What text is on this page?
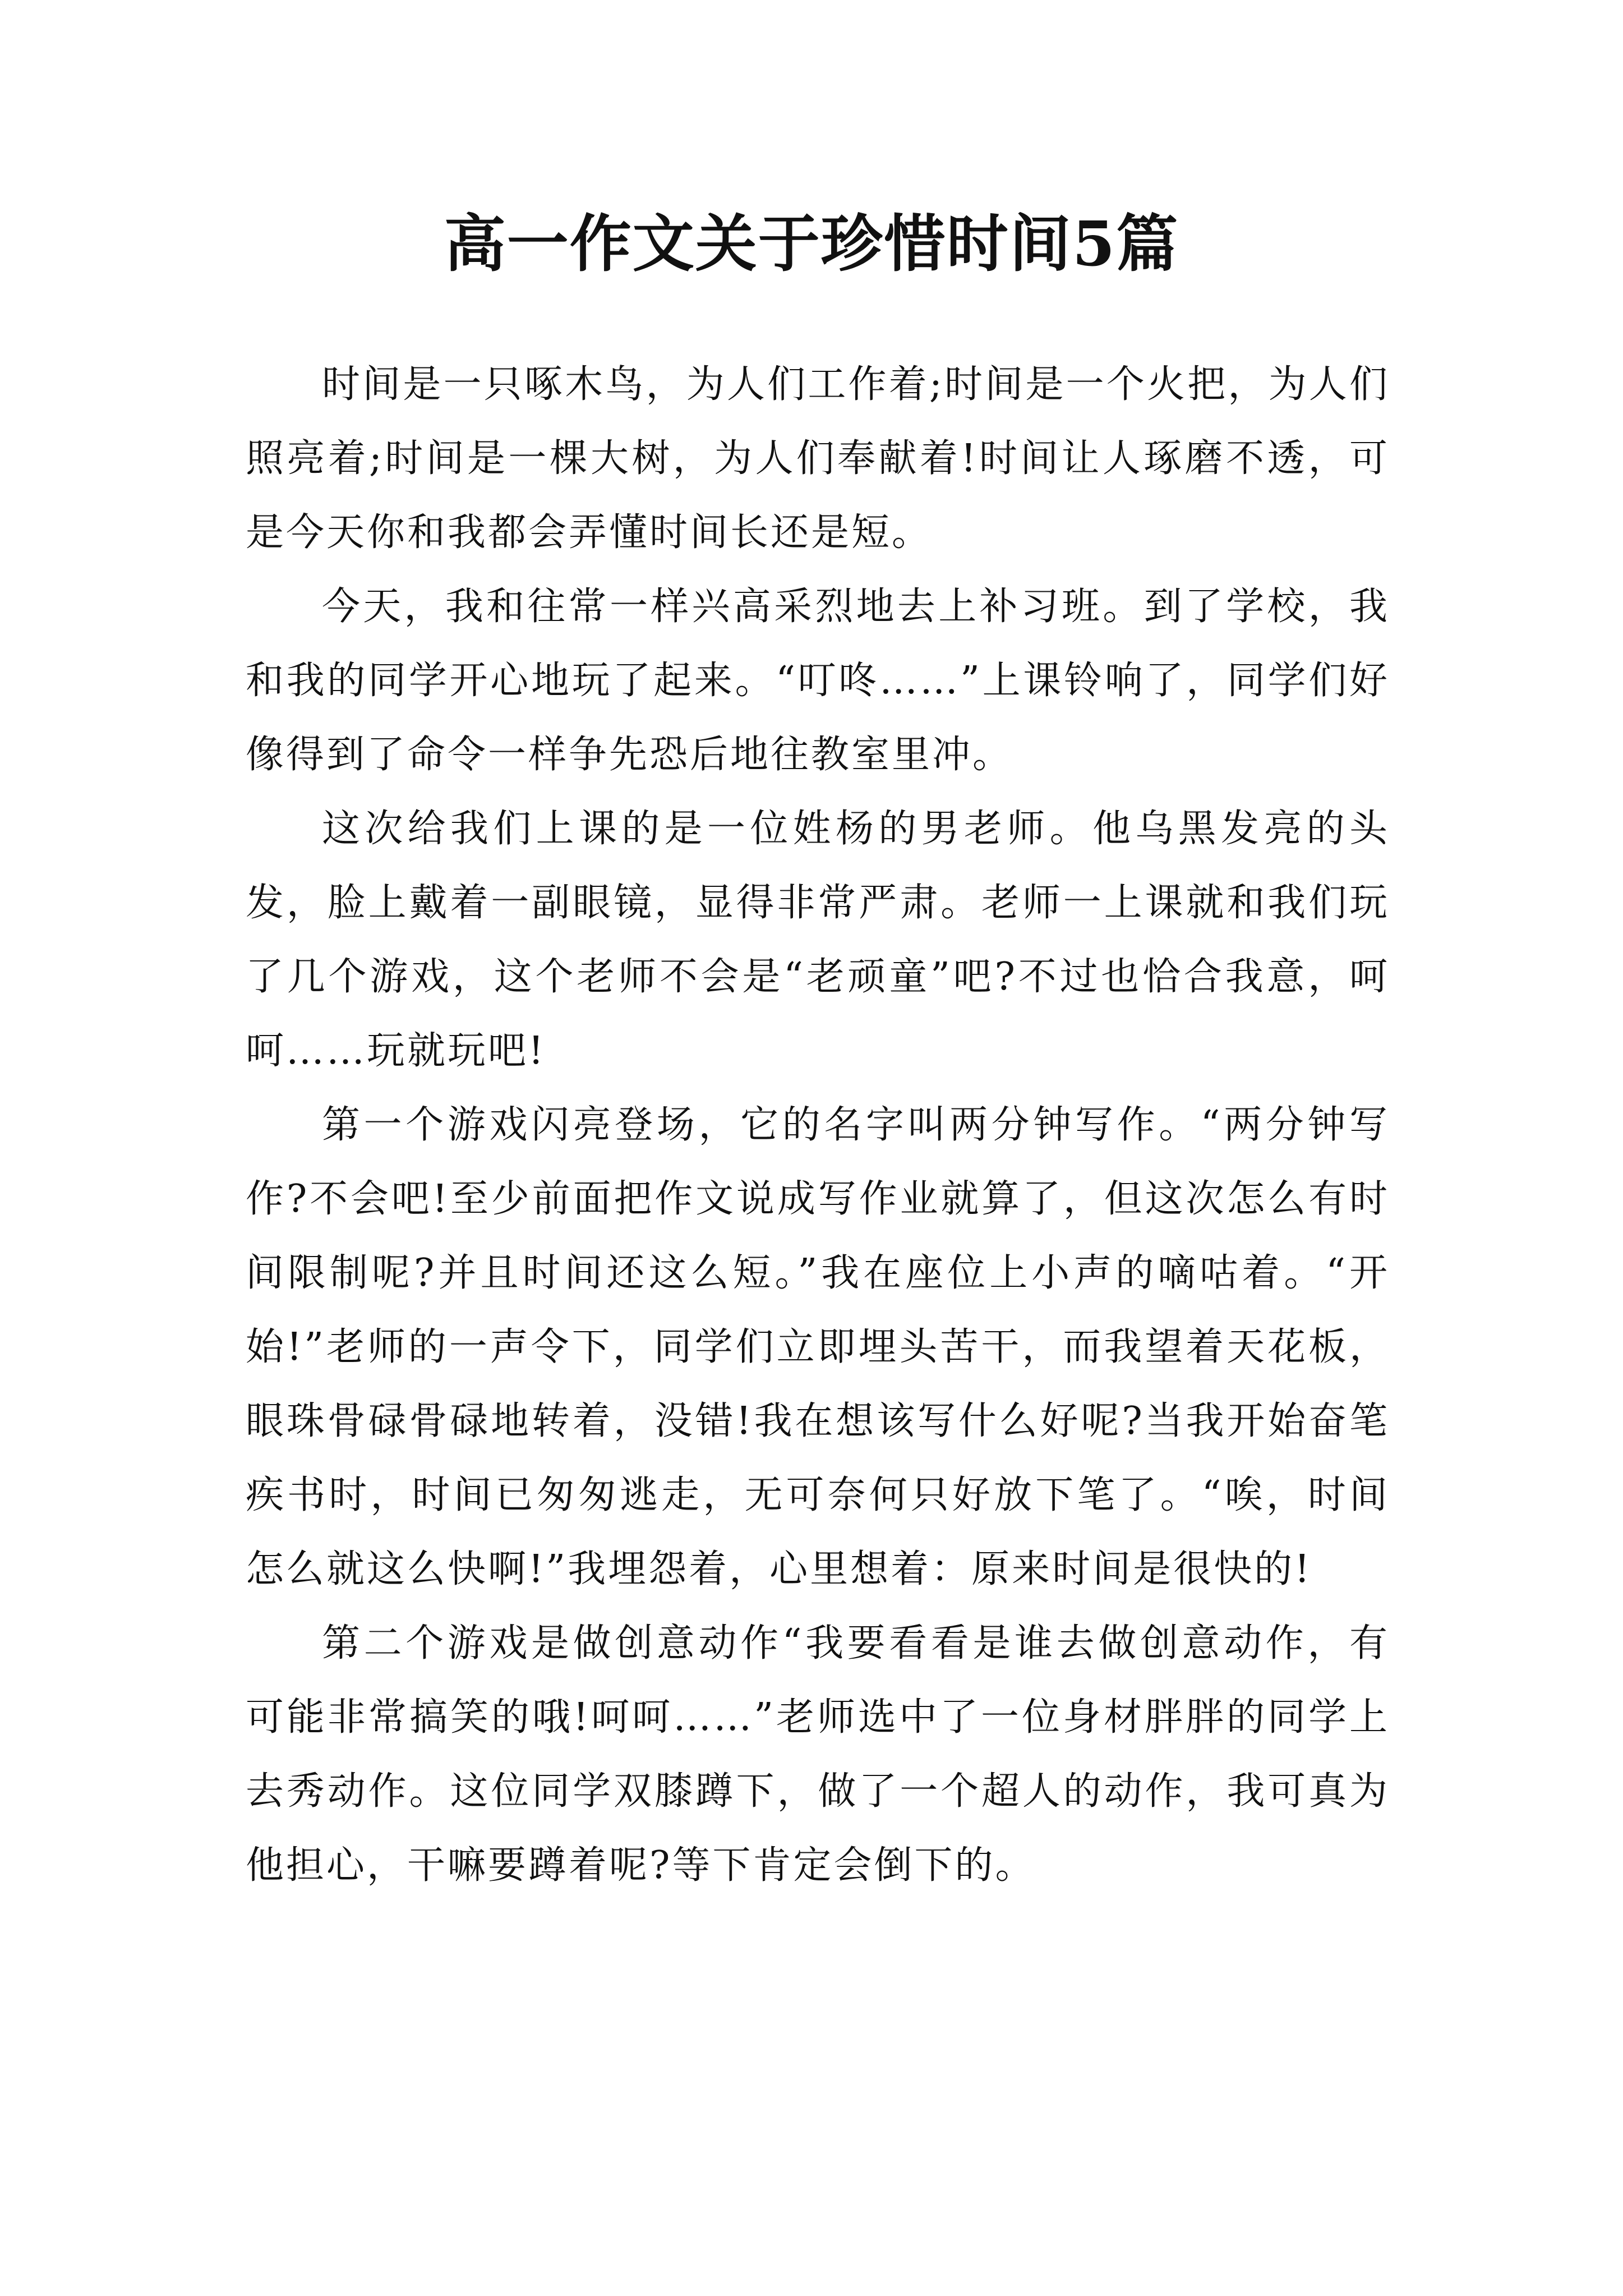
高一作文关于珍惜时间5篇

时间是一只啄木鸟，为人们工作着;时间是一个火把，为人们照亮着;时间是一棵大树，为人们奉献着!时间让人琢磨不透，可是今天你和我都会弄懂时间长还是短。

今天，我和往常一样兴高采烈地去上补习班。到了学校，我和我的同学开心地玩了起来。“叮咚……”上课铃响了，同学们好像得到了命令一样争先恐后地往教室里冲。

这次给我们上课的是一位姓杨的男老师。他乌黑发亮的头发，脸上戴着一副眼镜，显得非常严肃。老师一上课就和我们玩了几个游戏，这个老师不会是“老顽童”吧?不过也恰合我意，呵呵……玩就玩吧!

第一个游戏闪亮登场，它的名字叫两分钟写作。“两分钟写作?不会吧!至少前面把作文说成写作业就算了，但这次怎么有时间限制呢?并且时间还这么短。”我在座位上小声的嘀咕着。“开始!”老师的一声令下，同学们立即埋头苦干，而我望着天花板，眼珠骨碌骨碌地转着，没错!我在想该写什么好呢?当我开始奋笔疾书时，时间已匆匆逃走，无可奈何只好放下笔了。“唉，时间怎么就这么快啊!”我埋怨着，心里想着：原来时间是很快的!

第二个游戏是做创意动作“我要看看是谁去做创意动作，有可能非常搞笑的哦!呵呵……”老师选中了一位身材胖胖的同学上去秀动作。这位同学双膝蹲下，做了一个超人的动作，我可真为他担心，干嘛要蹲着呢?等下肯定会倒下的。
